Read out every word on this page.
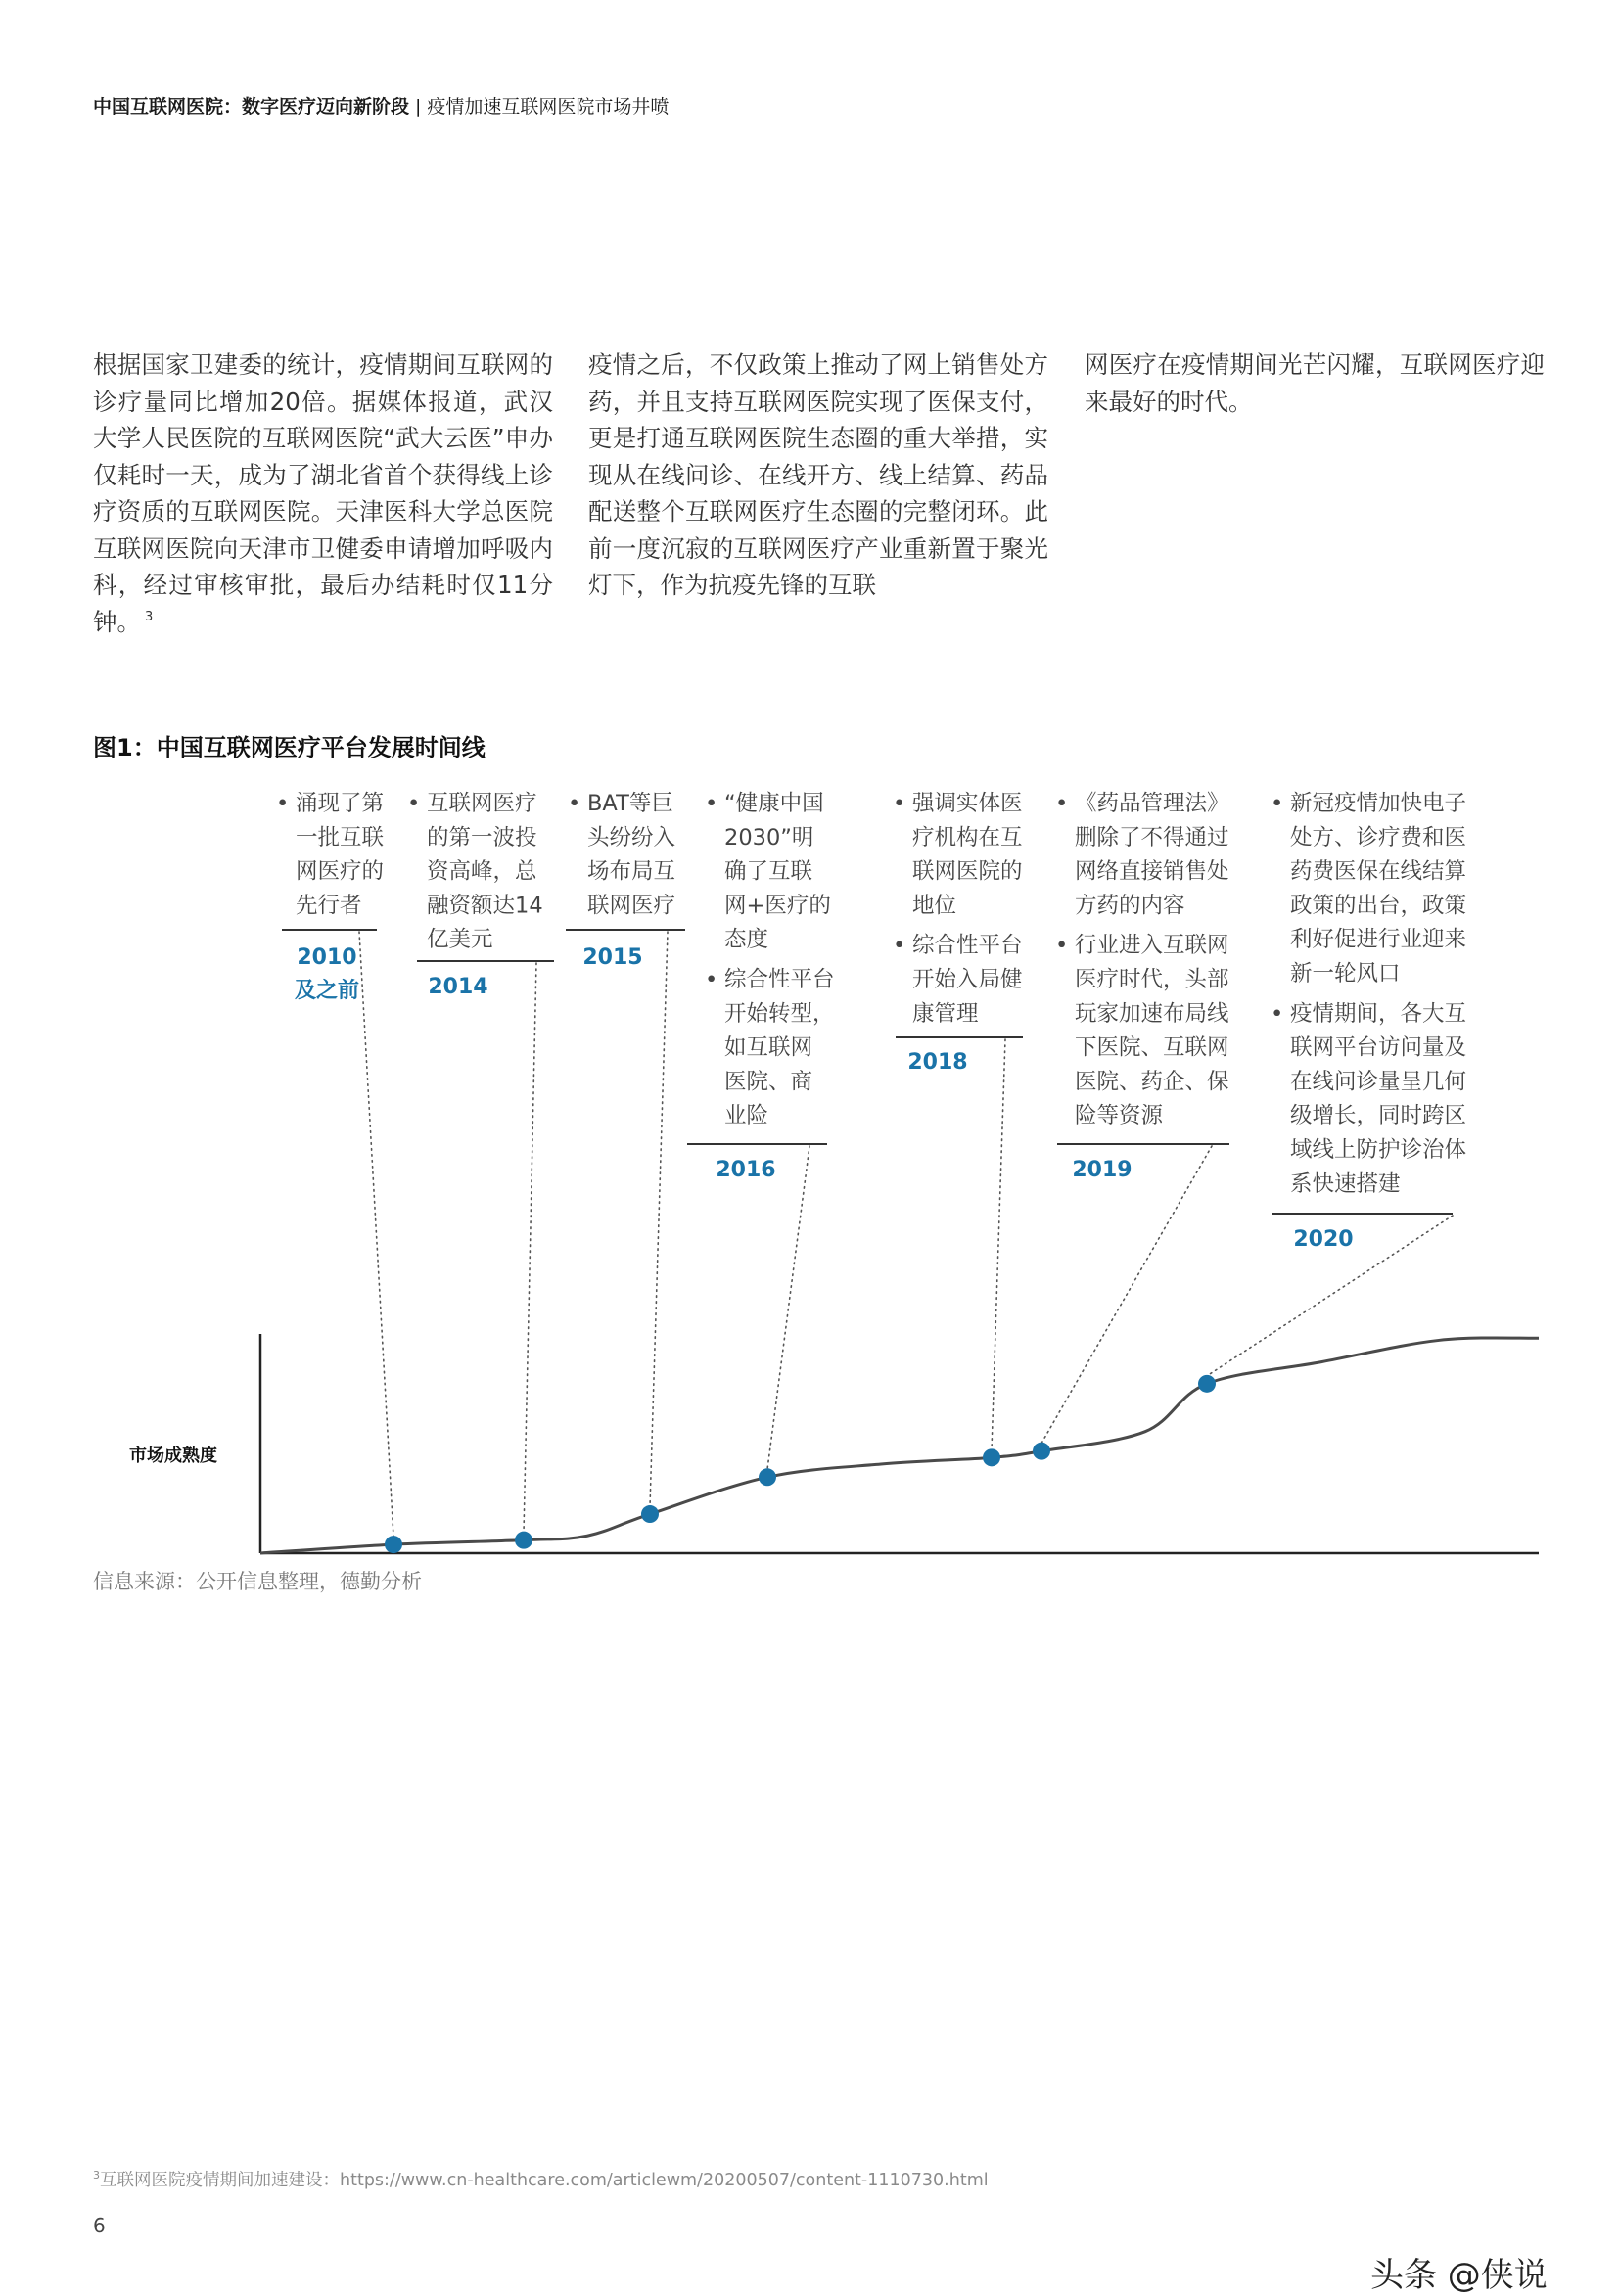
中国互联网医院：数字医疗迈向新阶段 | 疫情加速互联网医院市场井喷
根据国家卫建委的统计，疫情期间互联网的诊疗量同比增加20倍。据媒体报道，武汉大学人民医院的互联网医院“武大云医”申办仅耗时一天，成为了湖北省首个获得线上诊疗资质的互联网医院。天津医科大学总医院互联网医院向天津市卫健委申请增加呼吸内科，经过审核审批，最后办结耗时仅11分钟。 $^3$
疫情之后，不仅政策上推动了网上销售处方药，并且支持互联网医院实现了医保支付，更是打通互联网医院生态圈的重大举措，实现从在线问诊、在线开方、线上结算、药品配送整个互联网医疗生态圈的完整闭环。此前一度沉寂的互联网医疗产业重新置于聚光灯下，作为抗疫先锋的互联
网医疗在疫情期间光芒闪耀，互联网医疗迎来最好的时代。
图1：中国互联网医疗平台发展时间线
• 涌现了第
一批互联
网医疗的
先行者
2010
及之前
• 互联网医疗
的第一波投
资高峰，总
融资额达14
亿美元
2014
• BAT等巨
头纷纷入
场布局互
联网医疗
2015
• “健康中国
2030”明
确了互联
网+医疗的
态度
• 综合性平台
开始转型，
如互联网
医院、商
业险
2016
• 强调实体医
疗机构在互
联网医院的
地位
• 综合性平台
开始入局健
康管理
2018
• 《药品管理法》
删除了不得通过
网络直接销售处
方药的内容
• 行业进入互联网
医疗时代，头部
玩家加速布局线
下医院、互联网
医院、药企、保
险等资源
2019
• 新冠疫情加快电子
处方、诊疗费和医
药费医保在线结算
政策的出台，政策
利好促进行业迎来
新一轮风口
• 疫情期间，各大互
联网平台访问量及
在线问诊量呈几何
级增长，同时跨区
域线上防护诊治体
系快速搭建
2020
市场成熟度
信息来源：公开信息整理，德勤分析
$^3$互联网医院疫情期间加速建设：https://www.cn-healthcare.com/articlewm/20200507/content-1110730.html
6
头条 @侠说
